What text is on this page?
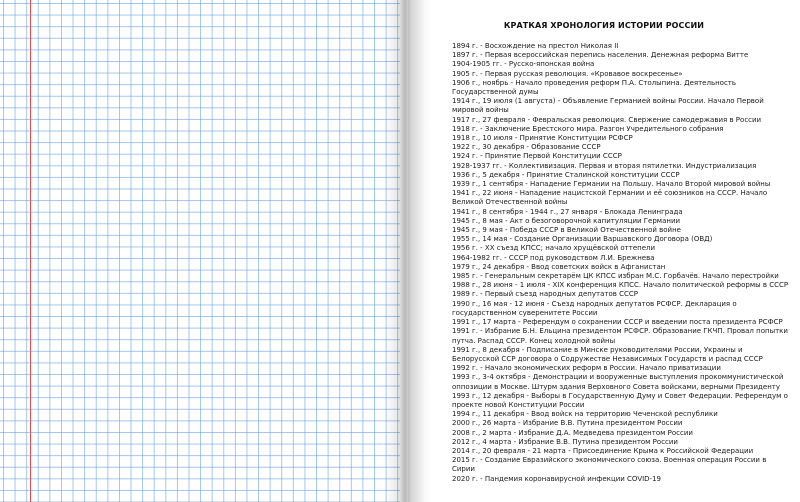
КРАТКАЯ ХРОНОЛОГИЯ ИСТОРИИ РОССИИ
1894 г. - Восхождение на престол Николая II
1897 г. - Первая всероссийская перепись населения. Денежная реформа Витте
1904-1905 гг. - Русско-японская война
1905 г. - Первая русская революция. «Кровавое воскресенье»
1906 г., ноябрь - Начало проведения реформ П.А. Столыпина. Деятельность Государственной думы
1914 г., 19 июля (1 августа) - Объявление Германией войны России. Начало Первой мировой войны
1917 г., 27 февраля - Февральская революция. Свержение самодержавия в России
1918 г. - Заключение Брестского мира. Разгон Учредительного собрания
1918 г., 10 июля - Принятие Конституции РСФСР
1922 г., 30 декабря - Образование СССР
1924 г. - Принятие Первой Конституции СССР
1928-1937 гг. - Коллективизация. Первая и вторая пятилетки. Индустриализация
1936 г., 5 декабря - Принятие Сталинской конституции СССР
1939 г., 1 сентября - Нападение Германии на Польшу. Начало Второй мировой войны
1941 г., 22 июня - Нападение нацистской Германии и её союзников на СССР. Начало Великой Отечественной войны
1941 г., 8 сентября - 1944 г., 27 января - Блокада Ленинграда
1945 г., 8 мая - Акт о безоговорочной капитуляции Германии
1945 г., 9 мая - Победа СССР в Великой Отечественной войне
1955 г., 14 мая - Создание Организации Варшавского Договора (ОВД)
1956 г. - XX съезд КПСС; начало хрущёвской оттепели
1964-1982 гг. - СССР под руководством Л.И. Брежнева
1979 г., 24 декабря - Ввод советских войск в Афганистан
1985 г. - Генеральным секретарём ЦК КПСС избран М.С. Горбачёв. Начало перестройки
1988 г., 28 июня - 1 июля - XIX конференция КПСС. Начало политической реформы в СССР
1989 г. - Первый съезд народных депутатов СССР
1990 г., 16 мая - 12 июня - Съезд народных депутатов РСФСР. Декларация о государственном суверенитете России
1991 г., 17 марта - Референдум о сохранении СССР и введении поста президента РСФСР
1991 г. - Избрание Б.Н. Ельцина президентом РСФСР. Образование ГКЧП. Провал попытки путча. Распад СССР. Конец холодной войны
1991 г., 8 декабря - Подписание в Минске руководителями России, Украины и Белорусской ССР договора о Содружестве Независимых Государств и распад СССР
1992 г. - Начало экономических реформ в России. Начало приватизации
1993 г., 3-4 октября - Демонстрации и вооруженные выступления прокоммунистической оппозиции в Москве. Штурм здания Верховного Совета войсками, верными Президенту
1993 г., 12 декабря - Выборы в Государственную Думу и Совет Федерации. Референдум о проекте новой Конституции России
1994 г., 11 декабря - Ввод войск на территорию Чеченской республики
2000 г., 26 марта - Избрание В.В. Путина президентом России
2008 г., 2 марта - Избрание Д.А. Медведева президентом России
2012 г., 4 марта - Избрание В.В. Путина президентом России
2014 г., 20 февраля - 21 марта - Присоединение Крыма к Российской Федерации
2015 г. - Создание Евразийского экономического союза. Военная операция России в Сирии
2020 г. - Пандемия коронавирусной инфекции COVID-19
